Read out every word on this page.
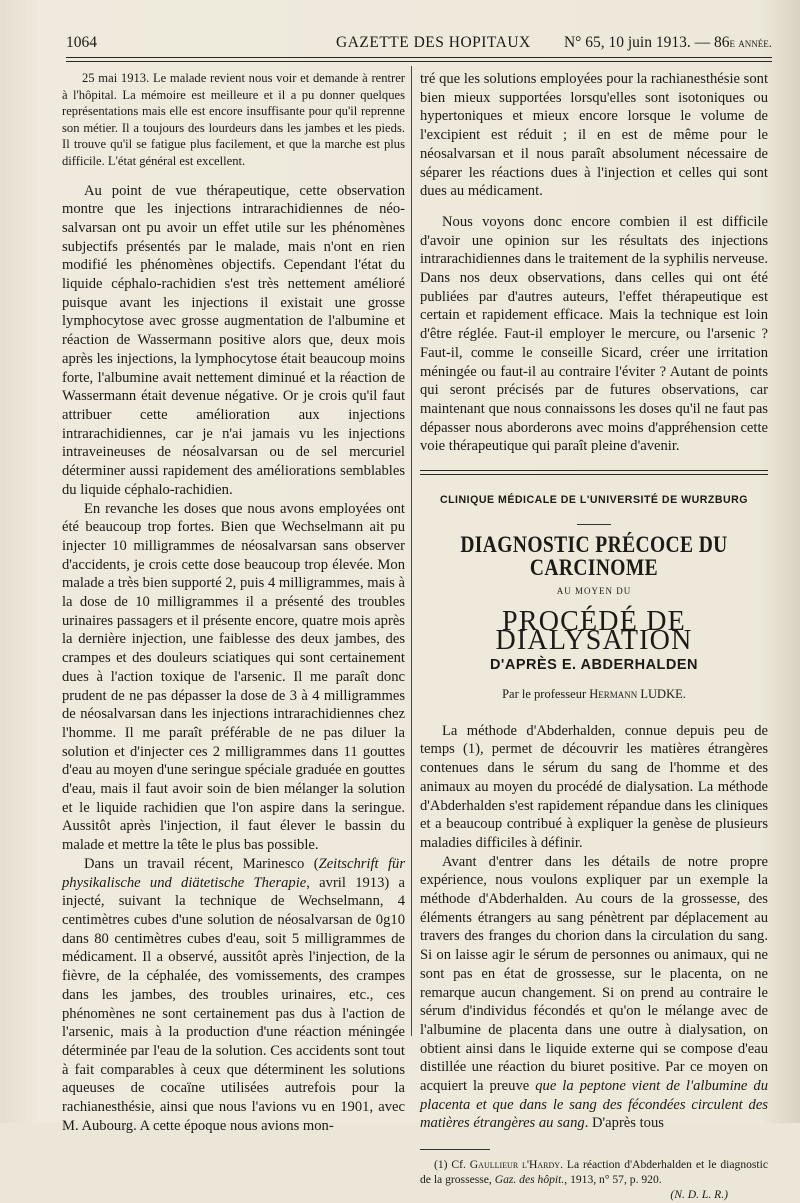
1064	GAZETTE DES HOPITAUX N° 65, 10 juin 1913. — 86e année.

25 mai 1913. Le malade revient nous voir et demande à rentrer à l'hôpital. La mémoire est meilleure et il a pu donner quelques représentations mais elle est encore insuffisante pour qu'il reprenne son métier. Il a toujours des lourdeurs dans les jambes et les pieds. Il trouve qu'il se fatigue plus facilement, et que la marche est plus difficile. L'état général est excellent.

Au point de vue thérapeutique, cette observation montre que les injections intrarachidiennes de néo-salvarsan ont pu avoir un effet utile sur les phénomènes subjectifs présentés par le malade, mais n'ont en rien modifié les phénomènes objectifs. Cependant l'état du liquide céphalo-rachidien s'est très nettement amélioré puisque avant les injections il existait une grosse lymphocytose avec grosse augmentation de l'albumine et réaction de Wassermann positive alors que, deux mois après les injections, la lymphocytose était beaucoup moins forte, l'albumine avait nettement diminué et la réaction de Wassermann était devenue négative. Or je crois qu'il faut attribuer cette amélioration aux injections intrarachidiennes, car je n'ai jamais vu les injections intraveineuses de néosalvarsan ou de sel mercuriel déterminer aussi rapidement des améliorations semblables du liquide céphalo-rachidien.

En revanche les doses que nous avons employées ont été beaucoup trop fortes. Bien que Wechselmann ait pu injecter 10 milligrammes de néosalvarsan sans observer d'accidents, je crois cette dose beaucoup trop élevée. Mon malade a très bien supporté 2, puis 4 milligrammes, mais à la dose de 10 milligrammes il a présenté des troubles urinaires passagers et il présente encore, quatre mois après la dernière injection, une faiblesse des deux jambes, des crampes et des douleurs sciatiques qui sont certainement dues à l'action toxique de l'arsenic. Il me paraît donc prudent de ne pas dépasser la dose de 3 à 4 milligrammes de néosalvarsan dans les injections intrarachidiennes chez l'homme. Il me paraît préférable de ne pas diluer la solution et d'injecter ces 2 milligrammes dans 11 gouttes d'eau au moyen d'une seringue spéciale graduée en gouttes d'eau, mais il faut avoir soin de bien mélanger la solution et le liquide rachidien que l'on aspire dans la seringue. Aussitôt après l'injection, il faut élever le bassin du malade et mettre la tête le plus bas possible.

Dans un travail récent, Marinesco (Zeitschrift für physikalische und diätetische Therapie, avril 1913) a injecté, suivant la technique de Wechselmann, 4 centimètres cubes d'une solution de néosalvarsan de 0g10 dans 80 centimètres cubes d'eau, soit 5 milligrammes de médicament. Il a observé, aussitôt après l'injection, de la fièvre, de la céphalée, des vomissements, des crampes dans les jambes, des troubles urinaires, etc., ces phénomènes ne sont certainement pas dus à l'action de l'arsenic, mais à la production d'une réaction méningée déterminée par l'eau de la solution. Ces accidents sont tout à fait comparables à ceux que déterminent les solutions aqueuses de cocaïne utilisées autrefois pour la rachianesthésie, ainsi que nous l'avions vu en 1901, avec M. Aubourg. A cette époque nous avions mon-

tré que les solutions employées pour la rachianesthésie sont bien mieux supportées lorsqu'elles sont isotoniques ou hypertoniques et mieux encore lorsque le volume de l'excipient est réduit ; il en est de même pour le néosalvarsan et il nous paraît absolument nécessaire de séparer les réactions dues à l'injection et celles qui sont dues au médicament.

Nous voyons donc encore combien il est difficile d'avoir une opinion sur les résultats des injections intrarachidiennes dans le traitement de la syphilis nerveuse. Dans nos deux observations, dans celles qui ont été publiées par d'autres auteurs, l'effet thérapeutique est certain et rapidement efficace. Mais la technique est loin d'être réglée. Faut-il employer le mercure, ou l'arsenic ? Faut-il, comme le conseille Sicard, créer une irritation méningée ou faut-il au contraire l'éviter ? Autant de points qui seront précisés par de futures observations, car maintenant que nous connaissons les doses qu'il ne faut pas dépasser nous aborderons avec moins d'appréhension cette voie thérapeutique qui paraît pleine d'avenir.

CLINIQUE MÉDICALE DE L'UNIVERSITÉ DE WURZBURG
DIAGNOSTIC PRÉCOCE DU CARCINOME
AU MOYEN DU
PROCÉDÉ DE DIALYSATION
D'APRÈS E. ABDERHALDEN
Par le professeur Hermann LUDKE.

La méthode d'Abderhalden, connue depuis peu de temps (1), permet de découvrir les matières étrangères contenues dans le sérum du sang de l'homme et des animaux au moyen du procédé de dialysation. La méthode d'Abderhalden s'est rapidement répandue dans les cliniques et a beaucoup contribué à expliquer la genèse de plusieurs maladies difficiles à définir.

Avant d'entrer dans les détails de notre propre expérience, nous voulons expliquer par un exemple la méthode d'Abderhalden. Au cours de la grossesse, des éléments étrangers au sang pénètrent par déplacement au travers des franges du chorion dans la circulation du sang. Si on laisse agir le sérum de personnes ou animaux, qui ne sont pas en état de grossesse, sur le placenta, on ne remarque aucun changement. Si on prend au contraire le sérum d'individus fécondés et qu'on le mélange avec de l'albumine de placenta dans une outre à dialysation, on obtient ainsi dans le liquide externe qui se compose d'eau distillée une réaction du biuret positive. Par ce moyen on acquiert la preuve que la peptone vient de l'albumine du placenta et que dans le sang des fécondées circulent des matières étrangères au sang. D'après tous

(1) Cf. Gaullieur l'Hardy. La réaction d'Abderhalden et le diagnostic de la grossesse, Gaz. des hôpit., 1913, n° 57, p. 920.

(N. D. L. R.)
